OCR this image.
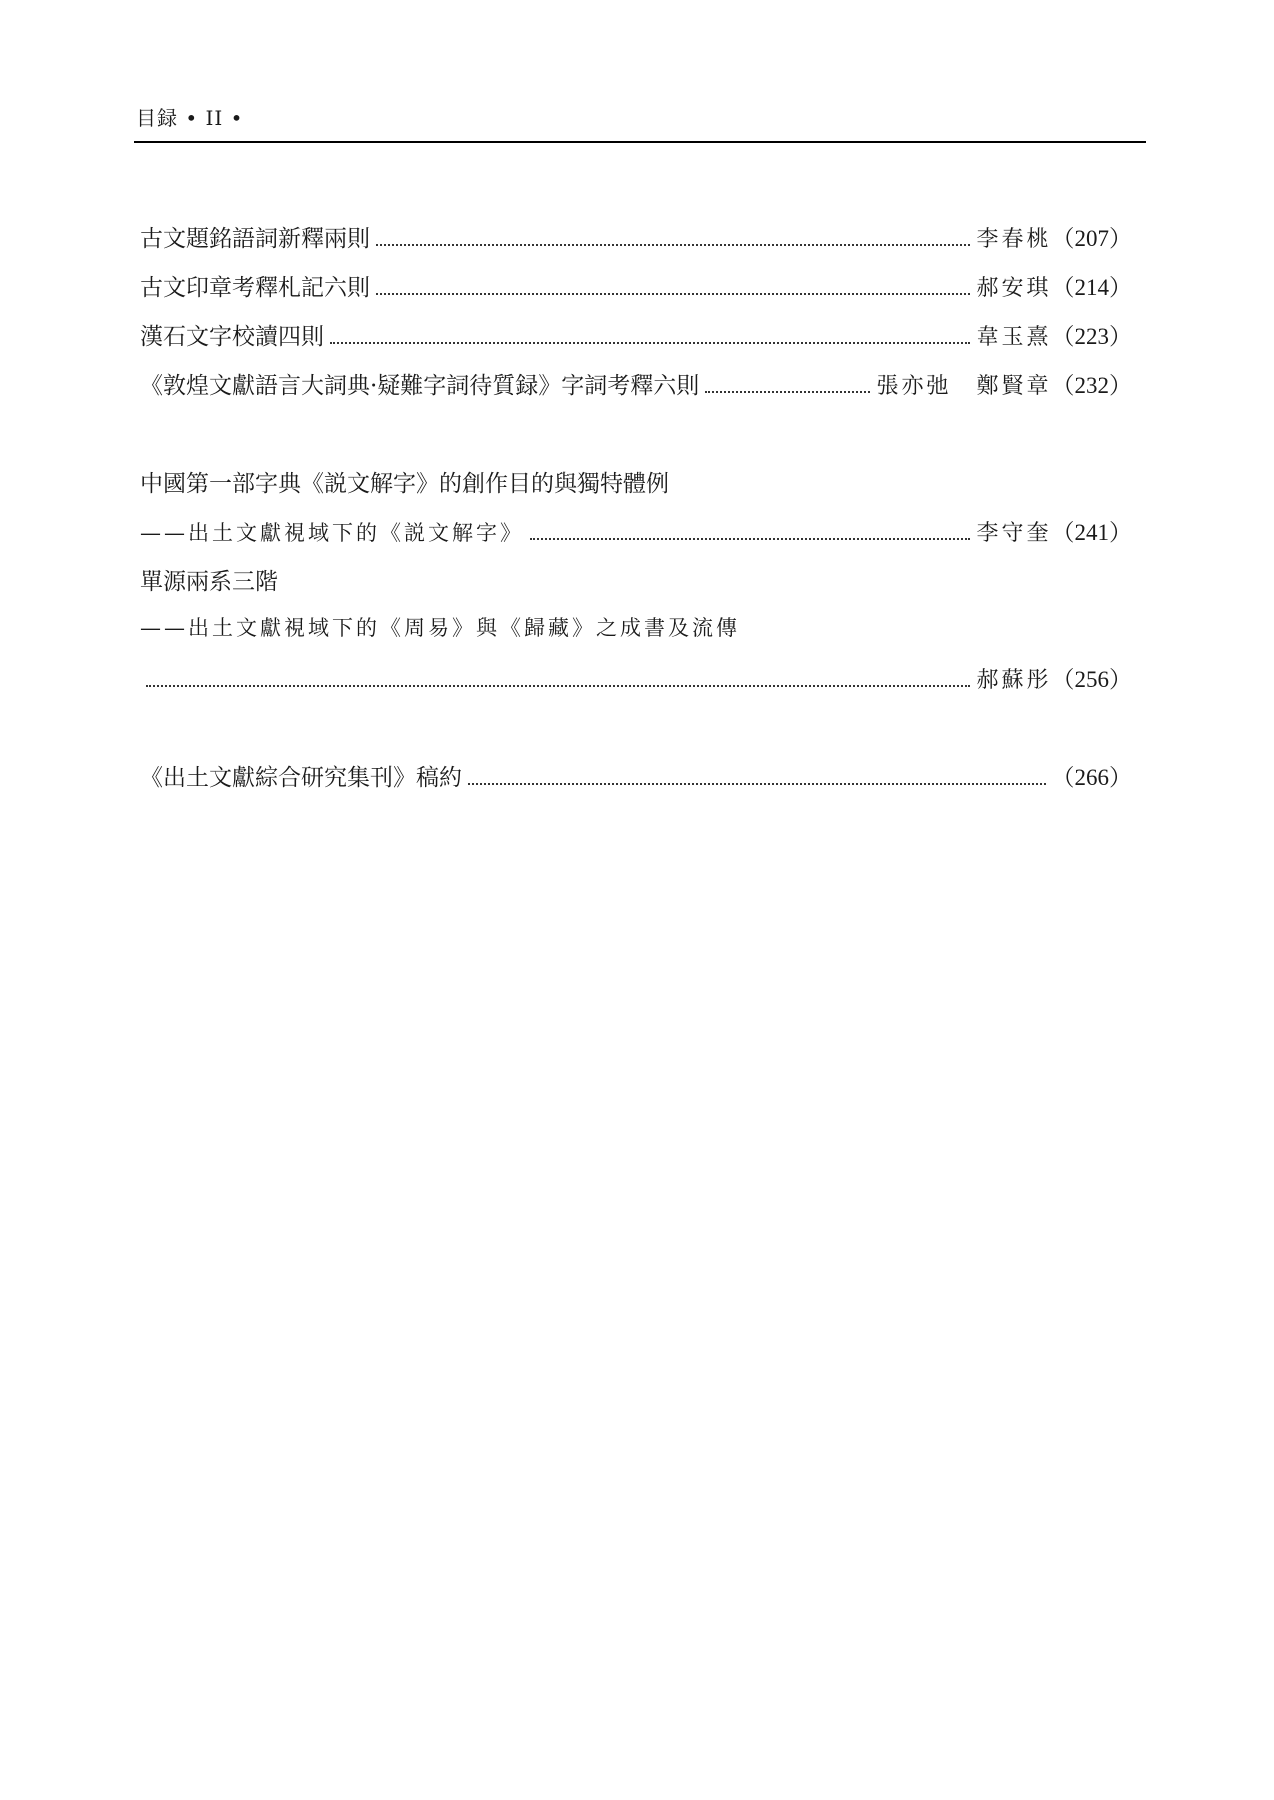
目録 • II •
古文題銘語詞新釋兩則	李春桃 （207）
古文印章考釋札記六則	郝安琪 （214）
漢石文字校讀四則	韋玉熹 （223）
《敦煌文獻語言大詞典·疑難字詞待質録》字詞考釋六則	張亦弛　鄭賢章 （232）
中國第一部字典《説文解字》的創作目的與獨特體例
——出土文獻視域下的《説文解字》	李守奎 （241）
單源兩系三階
——出土文獻視域下的《周易》與《歸藏》之成書及流傳
郝蘇彤 （256）
《出土文獻綜合研究集刊》稿約	（266）
